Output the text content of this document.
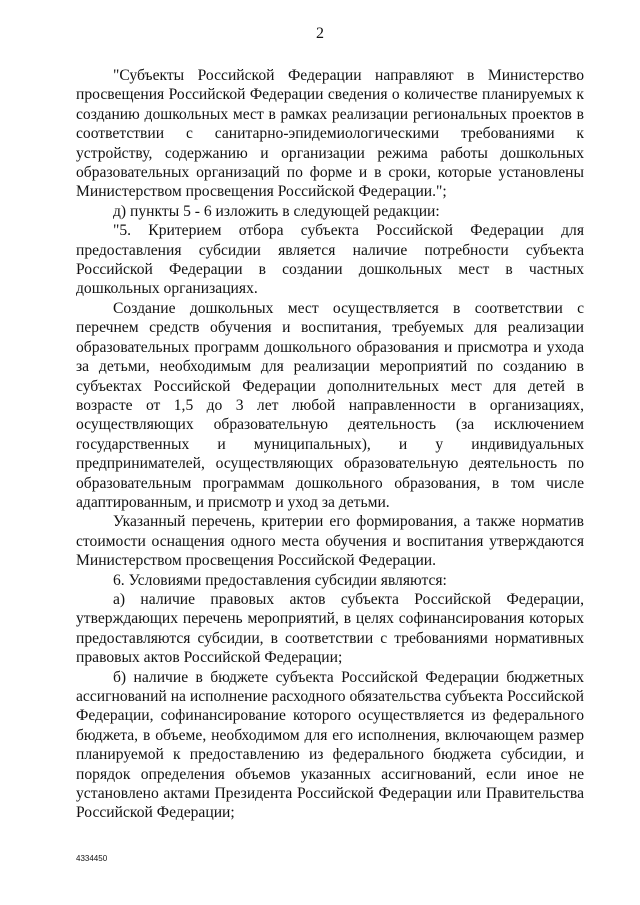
2

"Субъекты Российской Федерации направляют в Министерство просвещения Российской Федерации сведения о количестве планируемых к созданию дошкольных мест в рамках реализации региональных проектов в соответствии с санитарно-эпидемиологическими требованиями к устройству, содержанию и организации режима работы дошкольных образовательных организаций по форме и в сроки, которые установлены Министерством просвещения Российской Федерации.";

д) пункты 5 - 6 изложить в следующей редакции:

"5. Критерием отбора субъекта Российской Федерации для предоставления субсидии является наличие потребности субъекта Российской Федерации в создании дошкольных мест в частных дошкольных организациях.

Создание дошкольных мест осуществляется в соответствии с перечнем средств обучения и воспитания, требуемых для реализации образовательных программ дошкольного образования и присмотра и ухода за детьми, необходимым для реализации мероприятий по созданию в субъектах Российской Федерации дополнительных мест для детей в возрасте от 1,5 до 3 лет любой направленности в организациях, осуществляющих образовательную деятельность (за исключением государственных и муниципальных), и у индивидуальных предпринимателей, осуществляющих образовательную деятельность по образовательным программам дошкольного образования, в том числе адаптированным, и присмотр и уход за детьми.

Указанный перечень, критерии его формирования, а также норматив стоимости оснащения одного места обучения и воспитания утверждаются Министерством просвещения Российской Федерации.

6. Условиями предоставления субсидии являются:

а) наличие правовых актов субъекта Российской Федерации, утверждающих перечень мероприятий, в целях софинансирования которых предоставляются субсидии, в соответствии с требованиями нормативных правовых актов Российской Федерации;

б) наличие в бюджете субъекта Российской Федерации бюджетных ассигнований на исполнение расходного обязательства субъекта Российской Федерации, софинансирование которого осуществляется из федерального бюджета, в объеме, необходимом для его исполнения, включающем размер планируемой к предоставлению из федерального бюджета субсидии, и порядок определения объемов указанных ассигнований, если иное не установлено актами Президента Российской Федерации или Правительства Российской Федерации;

4334450
